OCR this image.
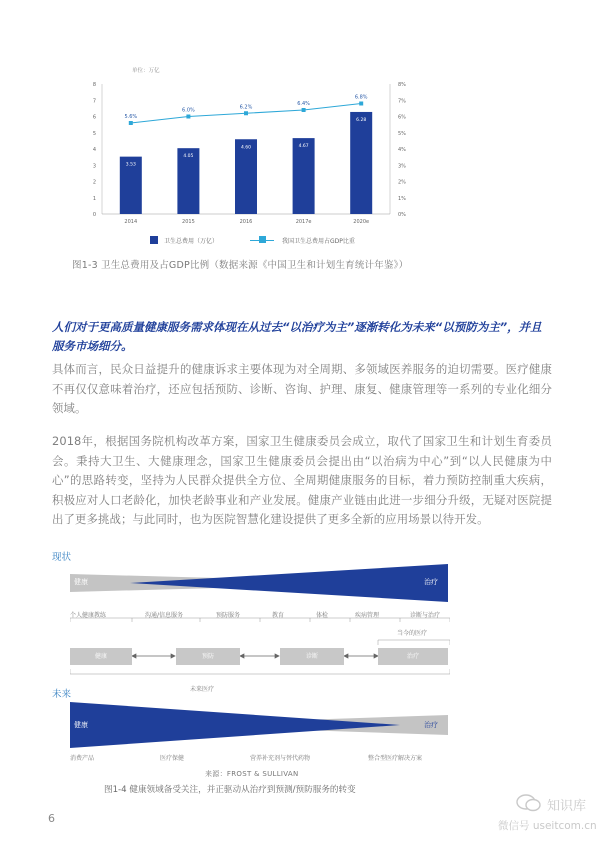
单位：万亿
0
1
2
3
4
5
6
7
8
0%
1%
2%
3%
4%
5%
6%
7%
8%
3.53
4.05
4.60	4.67
6.28
2014	2015	2016	2017e	2020e
5.6%
6.0%
6.2%
6.4%
6.8%
卫生总费用（万亿）	我国卫生总费用占GDP比重
图1-3 卫生总费用及占GDP比例（数据来源《中国卫生和计划生育统计年鉴》）
人们对于更高质量健康服务需求体现在从过去“以治疗为主”逐渐转化为未来“以预防为主”，并且服务市场细分。
具体而言，民众日益提升的健康诉求主要体现为对全周期、多领域医养服务的迫切需要。医疗健康不再仅仅意味着治疗，还应包括预防、诊断、咨询、护理、康复、健康管理等一系列的专业化细分领域。
2018年，根据国务院机构改革方案，国家卫生健康委员会成立，取代了国家卫生和计划生育委员会。秉持大卫生、大健康理念，国家卫生健康委员会提出由“以治病为中心”到“以人民健康为中心”的思路转变，坚持为人民群众提供全方位、全周期健康服务的目标，着力预防控制重大疾病，积极应对人口老龄化，加快老龄事业和产业发展。健康产业链由此进一步细分升级，无疑对医院提出了更多挑战；与此同时，也为医院智慧化建设提供了更多全新的应用场景以待开发。
现状
健康	治疗
个人健康教练	沟通/信息服务	预防服务	教育	体检	疾病管理	诊断与治疗
当今的医疗
健康	预防	诊断	治疗
未来医疗
未来
健康	治疗
消费产品	医疗保健	营养补充剂与替代药物	整合型医疗解决方案
来源：FROST & SULLIVAN
图1-4 健康领域备受关注，并正驱动从治疗到预测/预防服务的转变
6
知识库
微信号 useitcom.cn
